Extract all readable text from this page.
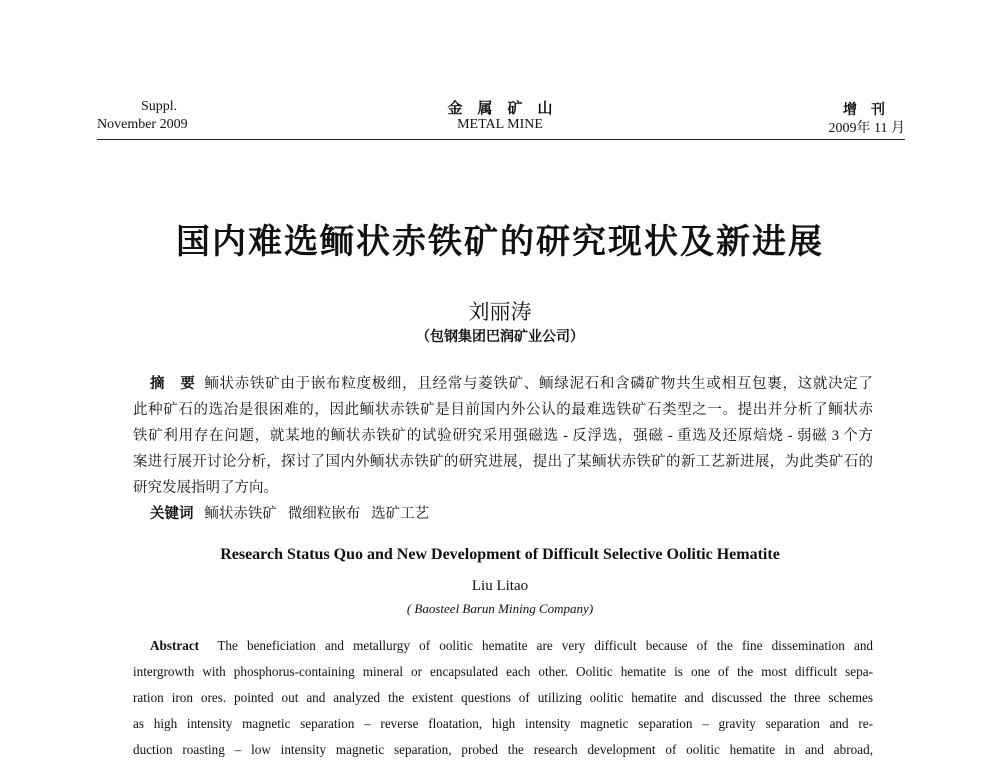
Suppl.
November 2009
金　属　矿　山
METAL MINE
增　刊
2009年 11 月
国内难选鲕状赤铁矿的研究现状及新进展
刘丽涛
（包钢集团巴润矿业公司）
摘　要 鲕状赤铁矿由于嵌布粒度极细，且经常与菱铁矿、鲕绿泥石和含磷矿物共生或相互包裹，这就决定了
此种矿石的选冶是很困难的，因此鲕状赤铁矿是目前国内外公认的最难选铁矿石类型之一。提出并分析了鲕状赤
铁矿利用存在问题，就某地的鲕状赤铁矿的试验研究采用强磁选 - 反浮选，强磁 - 重选及还原焙烧 - 弱磁 3 个方
案进行展开讨论分析，探讨了国内外鲕状赤铁矿的研究进展，提出了某鲕状赤铁矿的新工艺新进展，为此类矿石的
研究发展指明了方向。
关键词 鲕状赤铁矿 微细粒嵌布 选矿工艺
Research Status Quo and New Development of Difficult Selective Oolitic Hematite
Liu Litao
( Baosteel Barun Mining Company)
Abstract The beneficiation and metallurgy of oolitic hematite are very difficult because of the fine dissemination and
intergrowth with phosphorus-containing mineral or encapsulated each other. Oolitic hematite is one of the most difficult sepa-
ration iron ores. pointed out and analyzed the existent questions of utilizing oolitic hematite and discussed the three schemes
as high intensity magnetic separation – reverse floatation, high intensity magnetic separation – gravity separation and re-
duction roasting – low intensity magnetic separation, probed the research development of oolitic hematite in and abroad,
